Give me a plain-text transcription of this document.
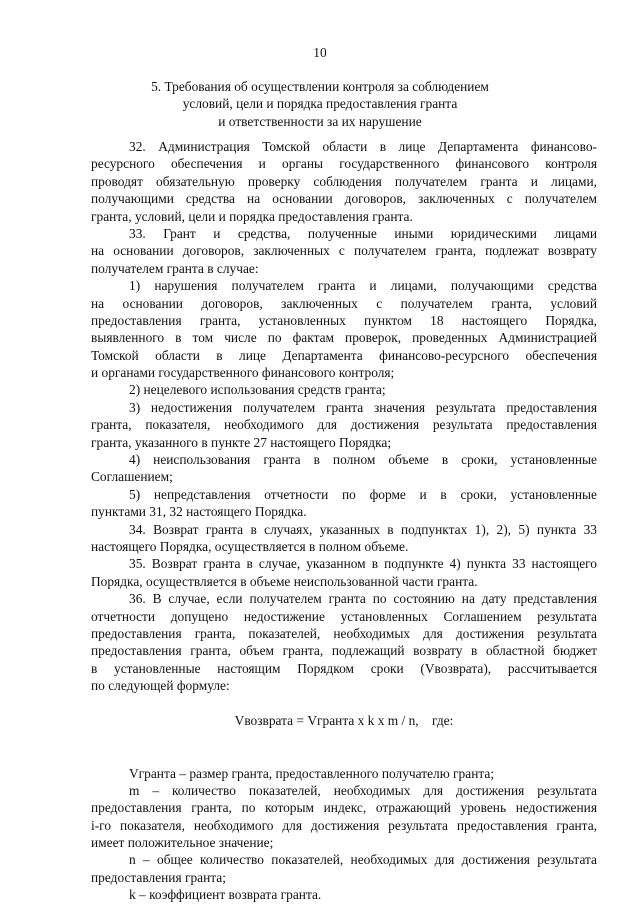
10
5. Требования об осуществлении контроля за соблюдением
условий, цели и порядка предоставления гранта
и ответственности за их нарушение
32. Администрация Томской области в лице Департамента финансово-
ресурсного обеспечения и органы государственного финансового контроля
проводят обязательную проверку соблюдения получателем гранта и лицами,
получающими средства на основании договоров, заключенных с получателем
гранта, условий, цели и порядка предоставления гранта.
33. Грант и средства, полученные иными юридическими лицами
на основании договоров, заключенных с получателем гранта, подлежат возврату
получателем гранта в случае:
1) нарушения получателем гранта и лицами, получающими средства
на основании договоров, заключенных с получателем гранта, условий
предоставления гранта, установленных пунктом 18 настоящего Порядка,
выявленного в том числе по фактам проверок, проведенных Администрацией
Томской области в лице Департамента финансово-ресурсного обеспечения
и органами государственного финансового контроля;
2) нецелевого использования средств гранта;
3) недостижения получателем гранта значения результата предоставления
гранта, показателя, необходимого для достижения результата предоставления
гранта, указанного в пункте 27 настоящего Порядка;
4) неиспользования гранта в полном объеме в сроки, установленные
Соглашением;
5) непредставления отчетности по форме и в сроки, установленные
пунктами 31, 32 настоящего Порядка.
34. Возврат гранта в случаях, указанных в подпунктах 1), 2), 5) пункта 33
настоящего Порядка, осуществляется в полном объеме.
35. Возврат гранта в случае, указанном в подпункте 4) пункта 33 настоящего
Порядка, осуществляется в объеме неиспользованной части гранта.
36. В случае, если получателем гранта по состоянию на дату представления
отчетности допущено недостижение установленных Соглашением результата
предоставления гранта, показателей, необходимых для достижения результата
предоставления гранта, объем гранта, подлежащий возврату в областной бюджет
в установленные настоящим Порядком сроки (Vвозврата), рассчитывается
по следующей формуле:
Vвозврата = Vгранта x k x m / n,    где:
Vгранта – размер гранта, предоставленного получателю гранта;
m – количество показателей, необходимых для достижения результата
предоставления гранта, по которым индекс, отражающий уровень недостижения
i-го показателя, необходимого для достижения результата предоставления гранта,
имеет положительное значение;
n – общее количество показателей, необходимых для достижения результата
предоставления гранта;
k – коэффициент возврата гранта.
